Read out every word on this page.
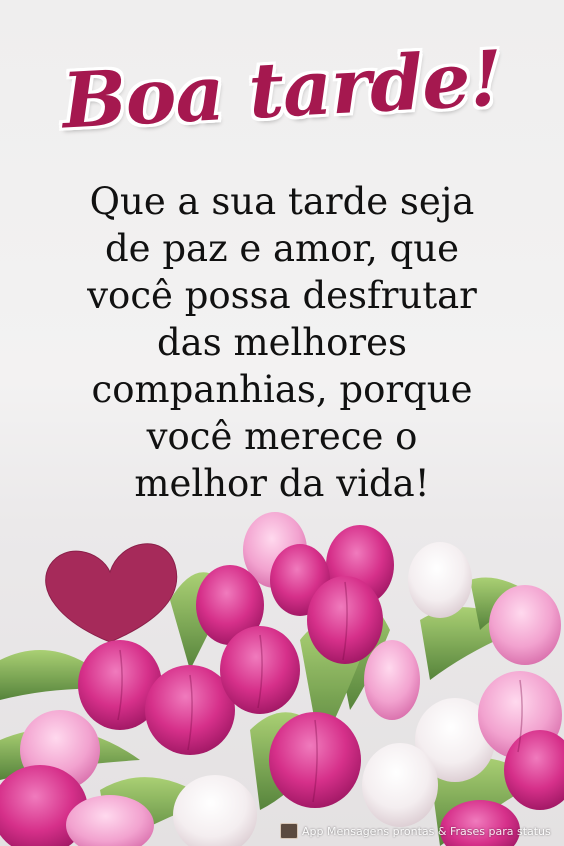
Boa tarde!

Que a sua tarde seja
de paz e amor, que
você possa desfrutar
das melhores
companhias, porque
você merece o
melhor da vida!

App Mensagens prontas & Frases para status
